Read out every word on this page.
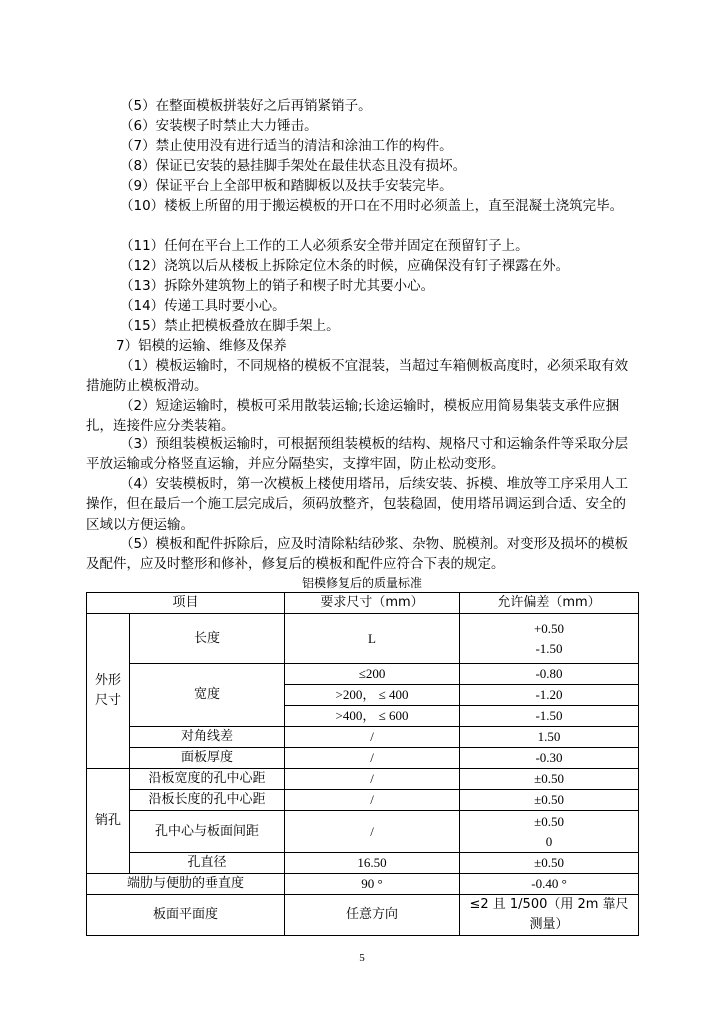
（5）在整面模板拼装好之后再销紧销子。

（6）安装楔子时禁止大力锤击。

（7）禁止使用没有进行适当的清洁和涂油工作的构件。

（8）保证已安装的悬挂脚手架处在最佳状态且没有损坏。

（9）保证平台上全部甲板和踏脚板以及扶手安装完毕。

（10）楼板上所留的用于搬运模板的开口在不用时必须盖上，直至混凝土浇筑完毕。

（11）任何在平台上工作的工人必须系安全带并固定在预留钉子上。

（12）浇筑以后从楼板上拆除定位木条的时候，应确保没有钉子裸露在外。

（13）拆除外建筑物上的销子和楔子时尤其要小心。

（14）传递工具时要小心。

（15）禁止把模板叠放在脚手架上。

7）铝模的运输、维修及保养

（1）模板运输时，不同规格的模板不宜混装，当超过车箱侧板高度时，必须采取有效措施防止模板滑动。

（2）短途运输时，模板可采用散装运输;长途运输时，模板应用简易集装支承件应捆扎，连接件应分类装箱。

（3）预组装模板运输时，可根据预组装模板的结构、规格尺寸和运输条件等采取分层平放运输或分格竖直运输，并应分隔垫实，支撑牢固，防止松动变形。

（4）安装模板时，第一次模板上楼使用塔吊，后续安装、拆模、堆放等工序采用人工操作，但在最后一个施工层完成后，须码放整齐，包装稳固，使用塔吊调运到合适、安全的区域以方便运输。

（5）模板和配件拆除后，应及时清除粘结砂浆、杂物、脱模剂。对变形及损坏的模板及配件，应及时整形和修补，修复后的模板和配件应符合下表的规定。

铝模修复后的质量标准
项目		要求尺寸（mm）	允许偏差（mm）
外形尺寸	长度	L	+0.50
-1.50

	宽度	≤200	-0.80
		>200， ≤ 400	-1.20
		>400， ≤ 600	-1.50
	对角线差	/	1.50
	面板厚度	/	-0.30
销孔	沿板宽度的孔中心距	/	±0.50
	沿板长度的孔中心距	/	±0.50
	孔中心与板面间距	/	±0.50
0

	孔直径	16.50	±0.50
端肋与便肋的垂直度		90 °	-0.40 °
板面平面度		任意方向	≤2 且 1/500（用 2m 靠尺
测量）
5
